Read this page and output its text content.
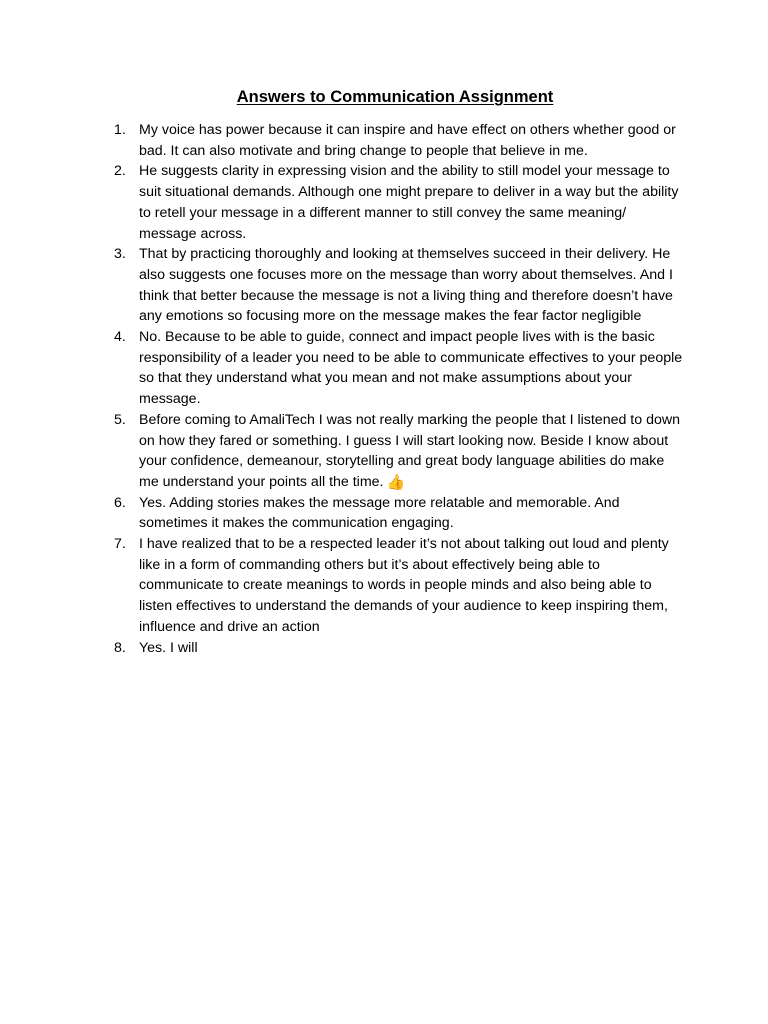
Answers to Communication Assignment
1. My voice has power because it can inspire and have effect on others whether good or bad. It can also motivate and bring change to people that believe in me.
2. He suggests clarity in expressing vision and the ability to still model your message to suit situational demands. Although one might prepare to deliver in a way but the ability to retell your message in a different manner to still convey the same meaning/ message across.
3. That by practicing thoroughly and looking at themselves succeed in their delivery. He also suggests one focuses more on the message than worry about themselves. And I think that better because the message is not a living thing and therefore doesn’t have any emotions so focusing more on the message makes the fear factor negligible
4. No. Because to be able to guide, connect and impact people lives with is the basic responsibility of a leader you need to be able to communicate effectives to your people so that they understand what you mean and not make assumptions about your message.
5. Before coming to AmaliTech I was not really marking the people that I listened to down on how they fared or something. I guess I will start looking now. Beside I know about your confidence, demeanour, storytelling and great body language abilities do make me understand your points all the time. 👍
6. Yes. Adding stories makes the message more relatable and memorable. And sometimes it makes the communication engaging.
7. I have realized that to be a respected leader it’s not about talking out loud and plenty like in a form of commanding others but it’s about effectively being able to communicate to create meanings to words in people minds and also being able to listen effectives to understand the demands of your audience to keep inspiring them, influence and drive an action
8. Yes. I will
